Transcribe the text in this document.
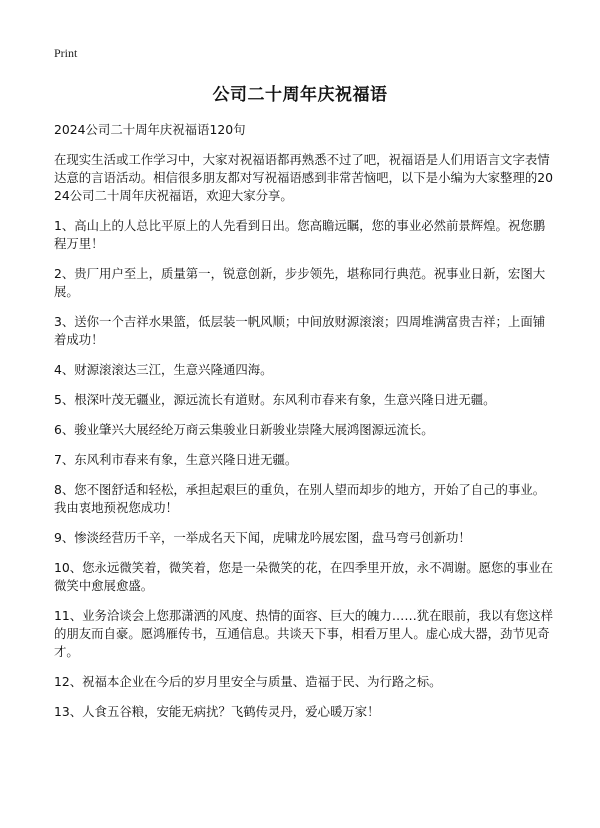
Print
公司二十周年庆祝福语

2024公司二十周年庆祝福语120句

在现实生活或工作学习中，大家对祝福语都再熟悉不过了吧，祝福语是人们用语言文字表情达意的言语活动。相信很多朋友都对写祝福语感到非常苦恼吧，以下是小编为大家整理的2024公司二十周年庆祝福语，欢迎大家分享。

1、高山上的人总比平原上的人先看到日出。您高瞻远瞩，您的事业必然前景辉煌。祝您鹏程万里！

2、贵厂用户至上，质量第一，锐意创新，步步领先，堪称同行典范。祝事业日新，宏图大展。

3、送你一个吉祥水果篮，低层装一帆风顺；中间放财源滚滚；四周堆满富贵吉祥；上面铺着成功！

4、财源滚滚达三江，生意兴隆通四海。

5、根深叶茂无疆业，源远流长有道财。东风利市春来有象，生意兴隆日进无疆。

6、骏业肇兴大展经纶万商云集骏业日新骏业崇隆大展鸿图源远流长。

7、东风利市春来有象，生意兴隆日进无疆。

8、您不图舒适和轻松，承担起艰巨的重负，在别人望而却步的地方，开始了自己的事业。我由衷地预祝您成功！

9、惨淡经营历千辛，一举成名天下闻，虎啸龙吟展宏图，盘马弯弓创新功！

10、您永远微笑着，微笑着，您是一朵微笑的花，在四季里开放，永不凋谢。愿您的事业在微笑中愈展愈盛。

11、业务洽谈会上您那潇洒的风度、热情的面容、巨大的魄力……犹在眼前，我以有您这样的朋友而自豪。愿鸿雁传书，互通信息。共谈天下事，相看万里人。虚心成大器，劲节见奇才。

12、祝福本企业在今后的岁月里安全与质量、造福于民、为行路之标。

13、人食五谷粮，安能无病扰？飞鹤传灵丹，爱心暖万家！
